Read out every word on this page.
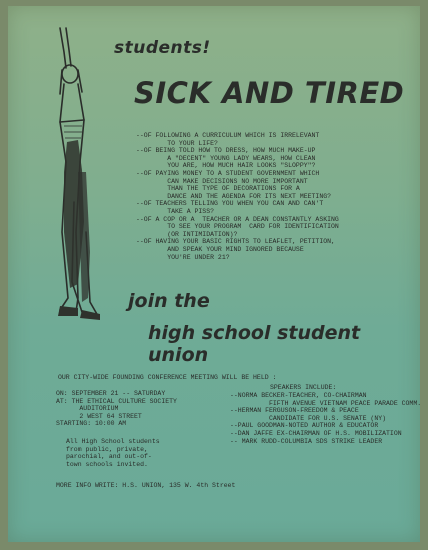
students!
SICK AND TIRED
--OF FOLLOWING A CURRICULUM WHICH IS IRRELEVANT
TO YOUR LIFE?
--OF BEING TOLD HOW TO DRESS, HOW MUCH MAKE-UP
A "DECENT" YOUNG LADY WEARS, HOW CLEAN
YOU ARE, HOW MUCH HAIR LOOKS "SLOPPY"?
--OF PAYING MONEY TO A STUDENT GOVERNMENT WHICH
CAN MAKE DECISIONS NO MORE IMPORTANT
THAN THE TYPE OF DECORATIONS FOR A
DANCE AND THE AGENDA FOR ITS NEXT MEETING?
--OF TEACHERS TELLING YOU WHEN YOU CAN AND CAN'T
TAKE A PISS?
--OF A COP OR A  TEACHER OR A DEAN CONSTANTLY ASKING
TO SEE YOUR PROGRAM  CARD FOR IDENTIFICATION
(OR INTIMIDATION)?
--OF HAVING YOUR BASIC RIGHTS TO LEAFLET, PETITION,
AND SPEAK YOUR MIND IGNORED BECAUSE
YOU'RE UNDER 21?
join the
high school student union
OUR CITY-WIDE FOUNDING CONFERENCE MEETING WILL BE HELD :
ON: SEPTEMBER 21 -- SATURDAY
AT: THE ETHICAL CULTURE SOCIETY
AUDITORIUM
2 WEST 64 STREET
STARTING: 10:00 AM
All High School students
from public, private,
parochial, and out-of-
town schools invited.
SPEAKERS INCLUDE:
--NORMA BECKER-TEACHER, CO-CHAIRMAN
FIFTH AVENUE VIETNAM PEACE PARADE COMM.
--HERMAN FERGUSON-FREEDOM & PEACE
CANDIDATE FOR U.S. SENATE (NY)
--PAUL GOODMAN-NOTED AUTHOR & EDUCATOR
--DAN JAFFE EX-CHAIRMAN OF H.S. MOBILIZATION
-- MARK RUDD-COLUMBIA SDS STRIKE LEADER
MORE INFO WRITE: H.S. UNION, 135 W. 4th Street
